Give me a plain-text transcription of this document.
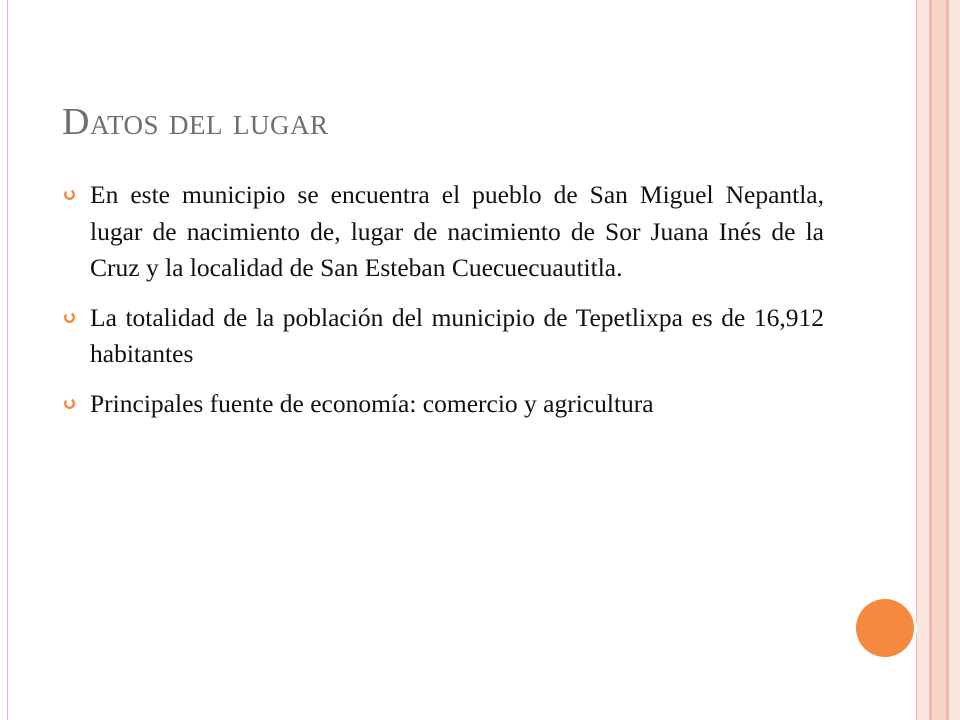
Datos del lugar
En este municipio se encuentra el pueblo de San Miguel Nepantla, lugar de nacimiento de, lugar de nacimiento de Sor Juana Inés de la Cruz y la localidad de San Esteban Cuecuecuautitla.
La totalidad de la población del municipio de Tepetlixpa es de 16,912 habitantes
Principales fuente de economía: comercio y agricultura
